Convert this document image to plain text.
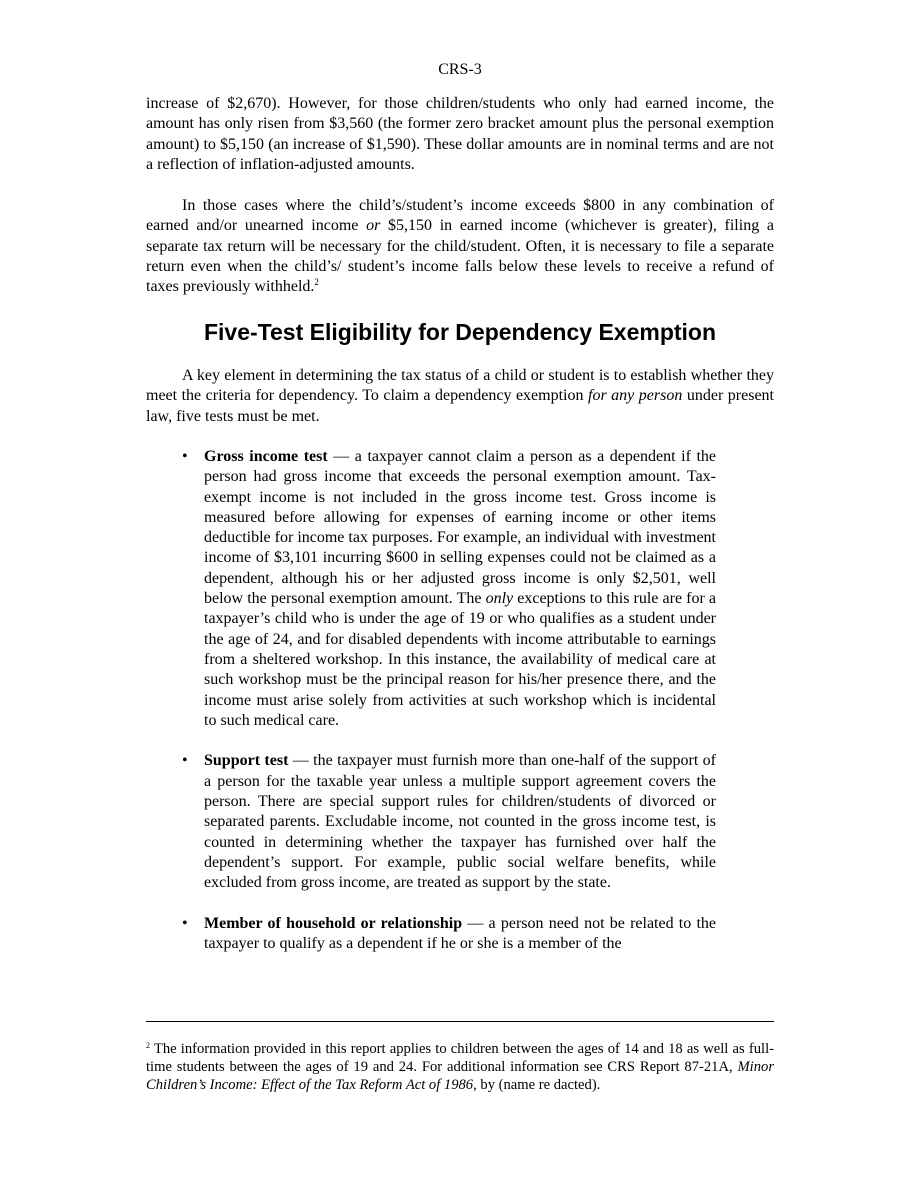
CRS-3

increase of $2,670). However, for those children/students who only had earned income, the amount has only risen from $3,560 (the former zero bracket amount plus the personal exemption amount) to $5,150 (an increase of $1,590). These dollar amounts are in nominal terms and are not a reflection of inflation-adjusted amounts.

In those cases where the child’s/student’s income exceeds $800 in any combination of earned and/or unearned income or $5,150 in earned income (whichever is greater), filing a separate tax return will be necessary for the child/student. Often, it is necessary to file a separate return even when the child’s/ student’s income falls below these levels to receive a refund of taxes previously withheld.$^2$

Five-Test Eligibility for Dependency Exemption

A key element in determining the tax status of a child or student is to establish whether they meet the criteria for dependency. To claim a dependency exemption for any person under present law, five tests must be met.

• Gross income test — a taxpayer cannot claim a person as a dependent if the person had gross income that exceeds the personal exemption amount. Tax-exempt income is not included in the gross income test. Gross income is measured before allowing for expenses of earning income or other items deductible for income tax purposes. For example, an individual with investment income of $3,101 incurring $600 in selling expenses could not be claimed as a dependent, although his or her adjusted gross income is only $2,501, well below the personal exemption amount. The only exceptions to this rule are for a taxpayer’s child who is under the age of 19 or who qualifies as a student under the age of 24, and for disabled dependents with income attributable to earnings from a sheltered workshop. In this instance, the availability of medical care at such workshop must be the principal reason for his/her presence there, and the income must arise solely from activities at such workshop which is incidental to such medical care.
• Support test — the taxpayer must furnish more than one-half of the support of a person for the taxable year unless a multiple support agreement covers the person. There are special support rules for children/students of divorced or separated parents. Excludable income, not counted in the gross income test, is counted in determining whether the taxpayer has furnished over half the dependent’s support. For example, public social welfare benefits, while excluded from gross income, are treated as support by the state.
• Member of household or relationship — a person need not be related to the taxpayer to qualify as a dependent if he or she is a member of the

$^2$ The information provided in this report applies to children between the ages of 14 and 18 as well as full-time students between the ages of 19 and 24. For additional information see CRS Report 87-21A, Minor Children’s Income: Effect of the Tax Reform Act of 1986, by (name re dacted).
